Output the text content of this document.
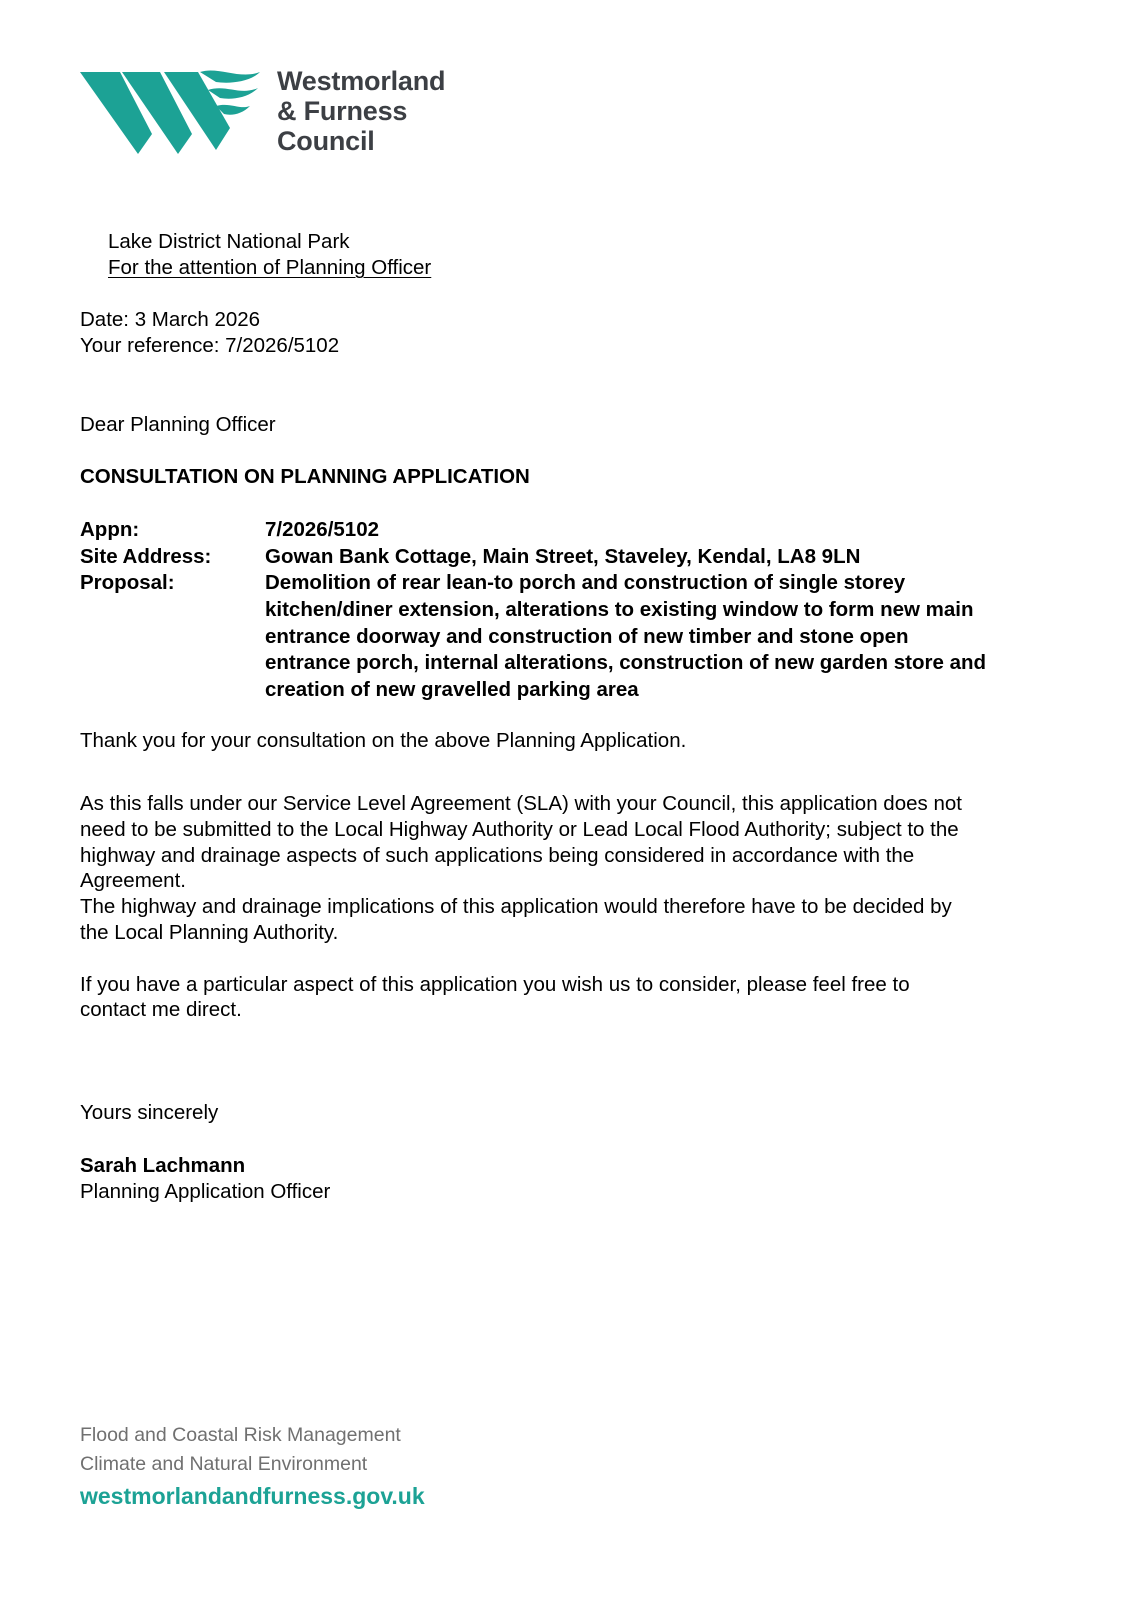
Westmorland
& Furness
Council
Lake District National Park
For the attention of Planning Officer
Date: 3 March 2026
Your reference: 7/2026/5102
Dear Planning Officer
CONSULTATION ON PLANNING APPLICATION
Appn:	7/2026/5102
Site Address:	Gowan Bank Cottage, Main Street, Staveley, Kendal, LA8 9LN
Proposal:	Demolition of rear lean-to porch and construction of single storey
kitchen/diner extension, alterations to existing window to form new main
entrance doorway and construction of new timber and stone open
entrance porch, internal alterations, construction of new garden store and
creation of new gravelled parking area
Thank you for your consultation on the above Planning Application.
As this falls under our Service Level Agreement (SLA) with your Council, this application does not
need to be submitted to the Local Highway Authority or Lead Local Flood Authority; subject to the
highway and drainage aspects of such applications being considered in accordance with the
Agreement.
The highway and drainage implications of this application would therefore have to be decided by
the Local Planning Authority.
If you have a particular aspect of this application you wish us to consider, please feel free to
contact me direct.
Yours sincerely
Sarah Lachmann
Planning Application Officer
Flood and Coastal Risk Management
Climate and Natural Environment
westmorlandandfurness.gov.uk
